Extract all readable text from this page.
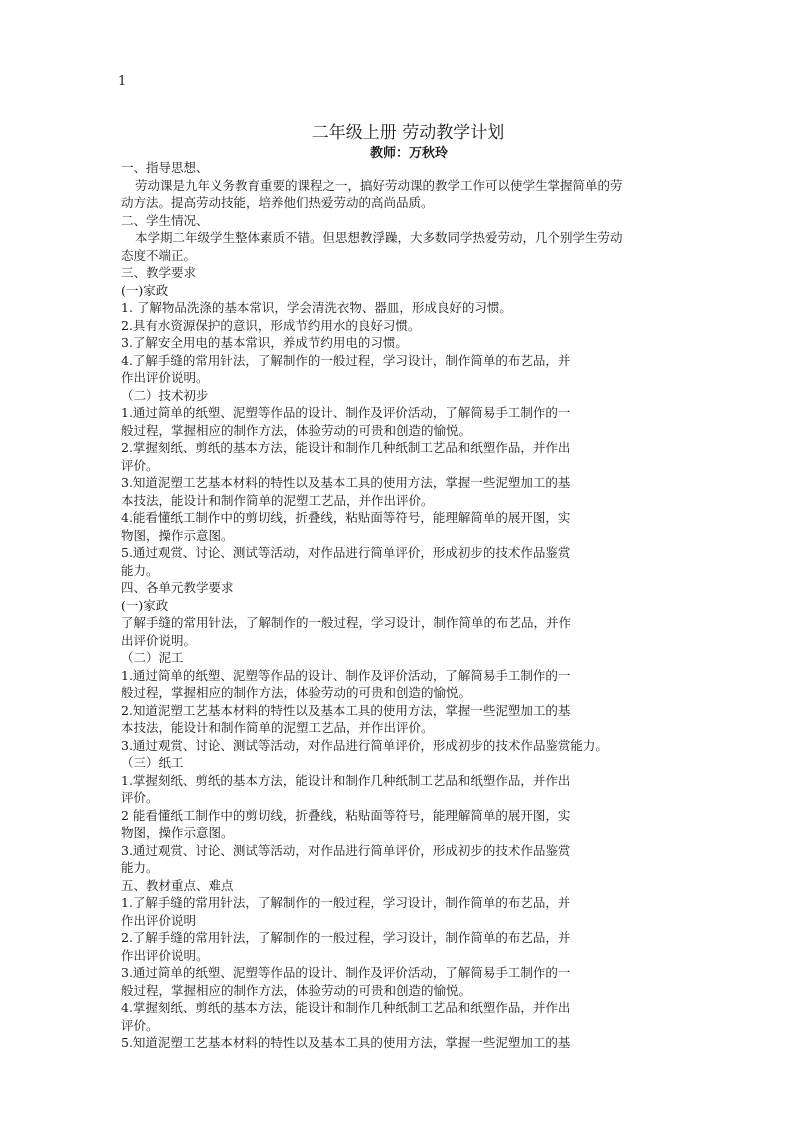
1
二年级上册 劳动教学计划
教师：万秋玲
一、指导思想、
劳动课是九年义务教育重要的课程之一，搞好劳动课的教学工作可以使学生掌握简单的劳
动方法。提高劳动技能，培养他们热爱劳动的高尚品质。
二、学生情况、
本学期二年级学生整体素质不错。但思想教浮躁，大多数同学热爱劳动，几个别学生劳动
态度不端正。
三、教学要求
(一)家政
1. 了解物品洗涤的基本常识，学会清洗衣物、器皿，形成良好的习惯。
2.具有水资源保护的意识，形成节约用水的良好习惯。
3.了解安全用电的基本常识，养成节约用电的习惯。
4.了解手缝的常用针法，了解制作的一般过程，学习设计，制作简单的布艺品，并
作出评价说明。
（二）技术初步
1.通过简单的纸塑、泥塑等作品的设计、制作及评价活动，了解简易手工制作的一
般过程，掌握相应的制作方法，体验劳动的可贵和创造的愉悦。
2.掌握刻纸、剪纸的基本方法，能设计和制作几种纸制工艺品和纸塑作品，并作出
评价。
3.知道泥塑工艺基本材料的特性以及基本工具的使用方法，掌握一些泥塑加工的基
本技法，能设计和制作简单的泥塑工艺品，并作出评价。
4.能看懂纸工制作中的剪切线，折叠线，粘贴面等符号，能理解简单的展开图，实
物图，操作示意图。
5.通过观赏、讨论、测试等活动，对作品进行简单评价，形成初步的技术作品鉴赏
能力。
四、各单元教学要求
(一)家政
了解手缝的常用针法，了解制作的一般过程，学习设计，制作简单的布艺品，并作
出评价说明。
（二）泥工
1.通过简单的纸塑、泥塑等作品的设计、制作及评价活动，了解简易手工制作的一
般过程，掌握相应的制作方法，体验劳动的可贵和创造的愉悦。
2.知道泥塑工艺基本材料的特性以及基本工具的使用方法，掌握一些泥塑加工的基
本技法，能设计和制作简单的泥塑工艺品，并作出评价。
3.通过观赏、讨论、测试等活动，对作品进行简单评价，形成初步的技术作品鉴赏能力。
（三）纸工
1.掌握刻纸、剪纸的基本方法，能设计和制作几种纸制工艺品和纸塑作品，并作出
评价。
2 能看懂纸工制作中的剪切线，折叠线，粘贴面等符号，能理解简单的展开图，实
物图，操作示意图。
3.通过观赏、讨论、测试等活动，对作品进行简单评价，形成初步的技术作品鉴赏
能力。
五、教材重点、难点
1.了解手缝的常用针法，了解制作的一般过程，学习设计，制作简单的布艺品，并
作出评价说明
2.了解手缝的常用针法，了解制作的一般过程，学习设计，制作简单的布艺品，并
作出评价说明。
3.通过简单的纸塑、泥塑等作品的设计、制作及评价活动，了解简易手工制作的一
般过程，掌握相应的制作方法，体验劳动的可贵和创造的愉悦。
4.掌握刻纸、剪纸的基本方法，能设计和制作几种纸制工艺品和纸塑作品，并作出
评价。
5.知道泥塑工艺基本材料的特性以及基本工具的使用方法，掌握一些泥塑加工的基
